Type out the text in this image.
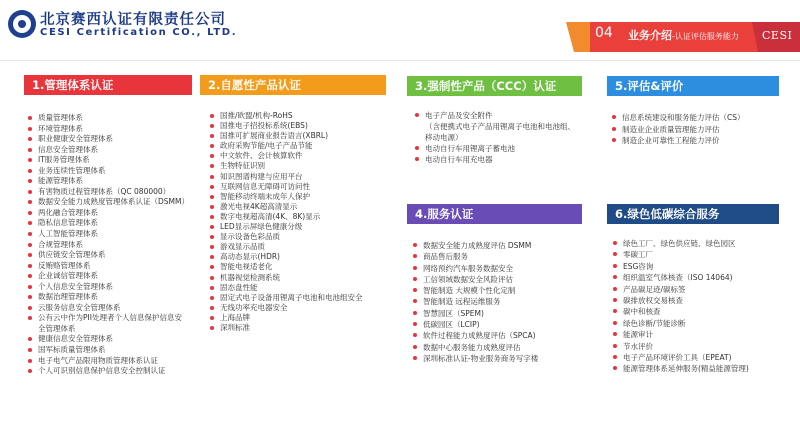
北京赛西认证有限责任公司
CESI Certification CO., LTD.	04 业务介绍-认证评估服务能力 CESI
1.管理体系认证	2.自愿性产品认证	3.强制性产品（CCC）认证	5.评估&评价
4.服务认证	6.绿色低碳综合服务
质量管理体系
环境管理体系
职业健康安全管理体系
信息安全管理体系
IT服务管理体系
业务连续性管理体系
能源管理体系
有害物质过程管理体系（QC 080000）
数据安全能力成熟度管理体系认证（DSMM）
两化融合管理体系
隐私信息管理体系
人工智能管理体系
合规管理体系
供应链安全管理体系
反贿赂管理体系
企业诚信管理体系
个人信息安全管理体系
数据治理管理体系
云服务信息安全管理体系
公有云中作为PII处理者个人信息保护信息安
全管理体系
健康信息安全管理体系
国军标质量管理体系
电子电气产品限用物质管理体系认证
个人可识别信息保护信息安全控制认证
国推/欧盟/机构-RoHS
国推电子招投标系统(EBS)
国推可扩展商业报告语言(XBRL)
政府采购节能/电子产品节能
中文软件、会计核算软件
生物特征识别
知识图谱构建与应用平台
互联网信息无障碍可访问性
智能移动终端未成年人保护
激光电视4K超高清显示
数字电视超高清(4K、8K)显示
LED显示屏绿色健康分级
显示设备色彩品质
游戏显示品质
高动态显示(HDR)
智能电视适老化
机器视觉检测系统
固态盘性能
固定式电子设备用锂离子电池和电池组安全
无线功率充电器安全
上海品牌
深圳标准
电子产品及安全附件
（含便携式电子产品用锂离子电池和电池组、
移动电源）
电动自行车用锂离子蓄电池
电动自行车用充电器
信息系统建设和服务能力评估（CS）
制造业企业质量管理能力评估
制造企业可靠性工程能力评价
数据安全能力成熟度评估 DSMM
商品售后服务
网络预约汽车服务数据安全
工信领域数据安全风险评估
智能制造 大规模个性化定制
智能制造 远程运维服务
智慧园区（SPEM)
低碳园区（LCIP)
软件过程能力成熟度评估（SPCA)
数据中心服务能力成熟度评估
深圳标准认证-物业服务商务写字楼
绿色工厂、绿色供应链、绿色园区
零碳工厂
ESG咨询
组织温室气体核查（ISO 14064)
产品碳足迹/碳标签
碳排放权交易核查
碳中和核查
绿色诊断/节能诊断
能源审计
节水评价
电子产品环境评价工具（EPEAT)
能源管理体系延伸服务(精益能源管理)
